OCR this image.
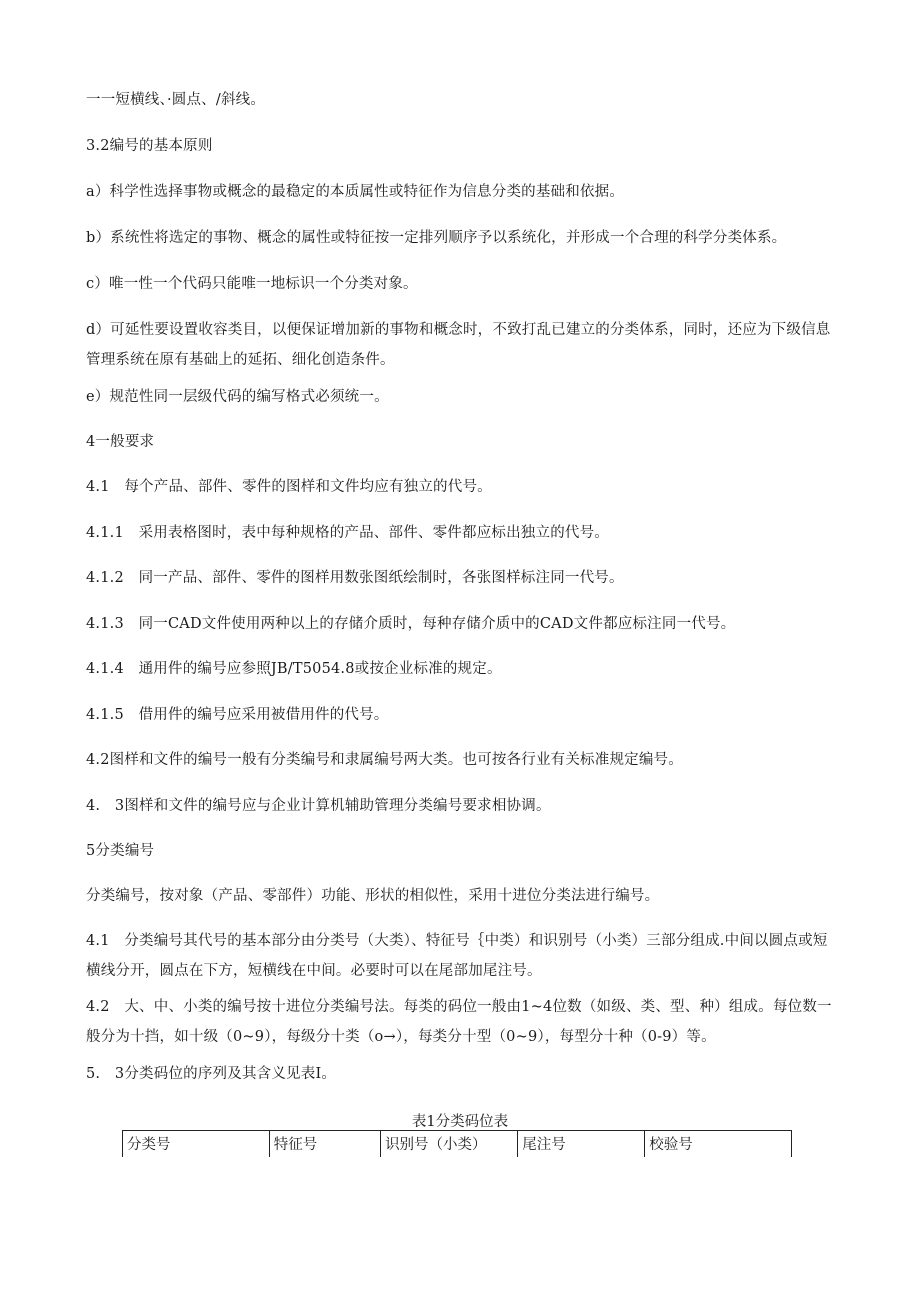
一一短横线、·圆点、/斜线。

3.2编号的基本原则

a）科学性选择事物或概念的最稳定的本质属性或特征作为信息分类的基础和依据。

b）系统性将选定的事物、概念的属性或特征按一定排列顺序予以系统化，并形成一个合理的科学分类体系。

c）唯一性一个代码只能唯一地标识一个分类对象。

d）可延性要设置收容类目，以便保证增加新的事物和概念时，不致打乱已建立的分类体系，同时，还应为下级信息管理系统在原有基础上的延拓、细化创造条件。

e）规范性同一层级代码的编写格式必须统一。

4一般要求

4.1　每个产品、部件、零件的图样和文件均应有独立的代号。

4.1.1　采用表格图时，表中每种规格的产品、部件、零件都应标出独立的代号。

4.1.2　同一产品、部件、零件的图样用数张图纸绘制时，各张图样标注同一代号。

4.1.3　同一CAD文件使用两种以上的存储介质时，每种存储介质中的CAD文件都应标注同一代号。

4.1.4　通用件的编号应参照JB/T5054.8或按企业标准的规定。

4.1.5　借用件的编号应采用被借用件的代号。

4.2图样和文件的编号一般有分类编号和隶属编号两大类。也可按各行业有关标准规定编号。

4.　3图样和文件的编号应与企业计算机辅助管理分类编号要求相协调。

5分类编号

分类编号，按对象（产品、零部件）功能、形状的相似性，采用十进位分类法进行编号。

4.1　分类编号其代号的基本部分由分类号（大类）、特征号｛中类）和识别号（小类）三部分组成.中间以圆点或短横线分开，圆点在下方，短横线在中间。必要时可以在尾部加尾注号。

4.2　大、中、小类的编号按十进位分类编号法。每类的码位一般由1~4位数（如级、类、型、种）组成。每位数一般分为十挡，如十级（0~9），每级分十类（o→），每类分十型（0~9），每型分十种（0-9）等。

5.　3分类码位的序列及其含义见表I。

表1分类码位表
分类号	特征号	识别号（小类）	尾注号	校验号
